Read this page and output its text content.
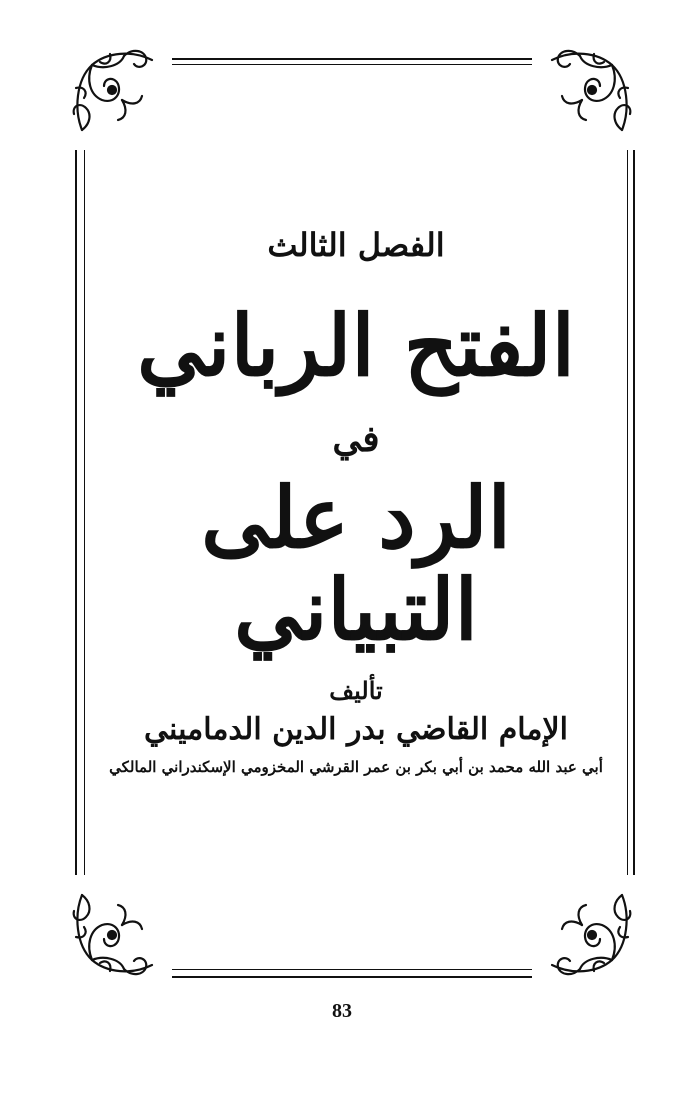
الفصل الثالث
الفتح الرباني
في
الرد على التبياني
تأليف
الإمام القاضي بدر الدين الدماميني
أبي عبد الله محمد بن أبي بكر بن عمر القرشي المخزومي الإسكندراني المالكي
83
